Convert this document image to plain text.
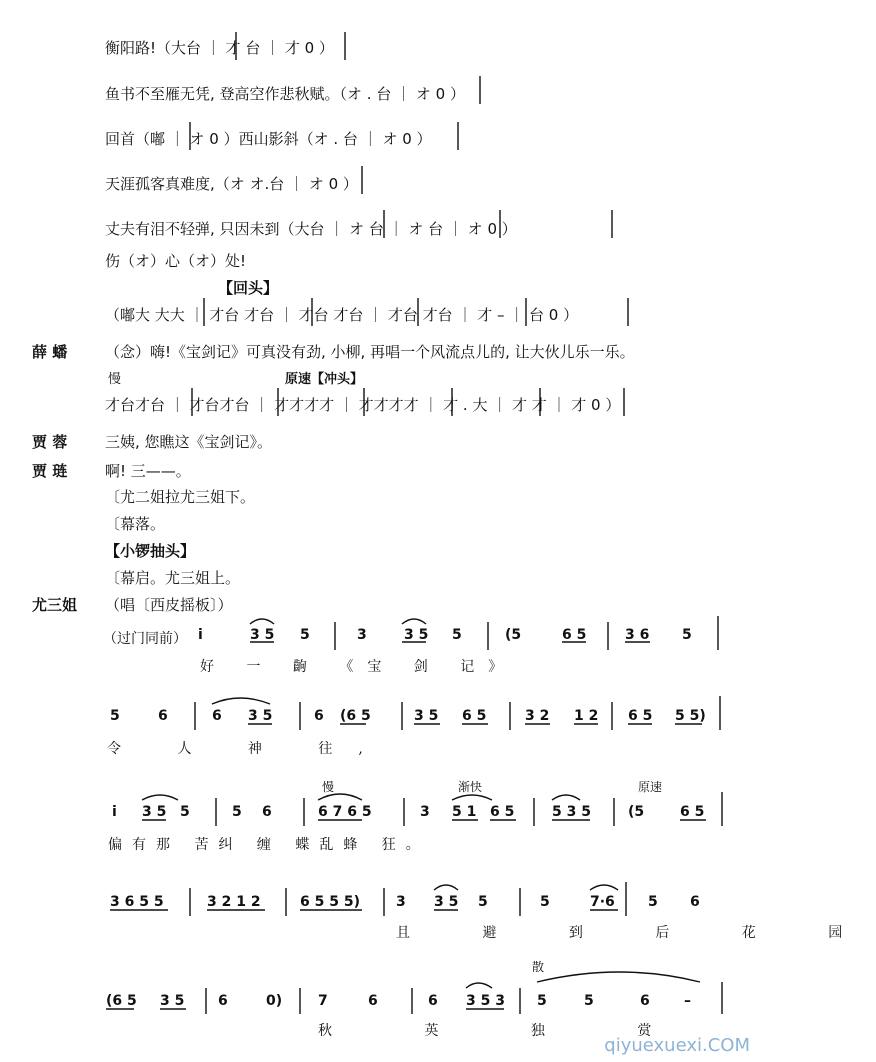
衡阳路!（大台 ｜ 才 台 ｜ 才 0 ）
鱼书不至雁无凭, 登高空作悲秋赋。（オ . 台 ｜ オ 0 ）
回首（嘟 ｜ オ 0 ）西山影斜（オ . 台 ｜ オ 0 ）
天涯孤客真难度,（オ オ.台 ｜ オ 0 ）
丈夫有泪不轻弹, 只因未到（大台 ｜ オ 台 ｜ オ 台 ｜ オ 0 ）
伤（オ）心（オ）处!
【回头】
（嘟大 大大 ｜ 才台 才台 ｜ 才台 才台 ｜ 才台 才台 ｜ 才 – ｜ 台 0 ）
薛 蟠	（念）嗨!《宝剑记》可真没有劲, 小柳, 再唱一个风流点儿的, 让大伙儿乐一乐。
慢	原速【冲头】
才台才台 ｜ 才台才台 ｜ 才才才才 ｜ 才才才才 ｜ 才 . 大 ｜ 才 才 ｜ 才 0 ）
贾 蓉	三姨, 您瞧这《宝剑记》。
贾 琏	啊! 三——。
〔尤二姐拉尤三姐下。
〔幕落。
【小锣抽头】
〔幕启。尤三姐上。
尤三姐 （唱〔西皮摇板〕）
（过门同前） i	3 5 5	3	3 5 5	(5	6 5	3 6 5
好 一 齣 《宝 剑 记》
5	6	6 3 5	6 (6 5	3 5 6 5	3 2 1 2 6 5 5 5)
令 人 神 往,
慢	渐快	原速
i 3 5 5	5 6	6 7 6 5	3 5 1 6 5	5 3 5	(5	6 5
偏有那 苦纠 缠 蝶乱蜂 狂。
3 6 5 5	3 2 1 2	6 5 5 5)	3 3 5 5	5	7·6 5 6
且 避 到 后 花 园
散
(6 5 3 5 6	0)	7	6	6 3 5 3 5	5	6 –
秋 英 独 赏
qiyuexuexi.COM
